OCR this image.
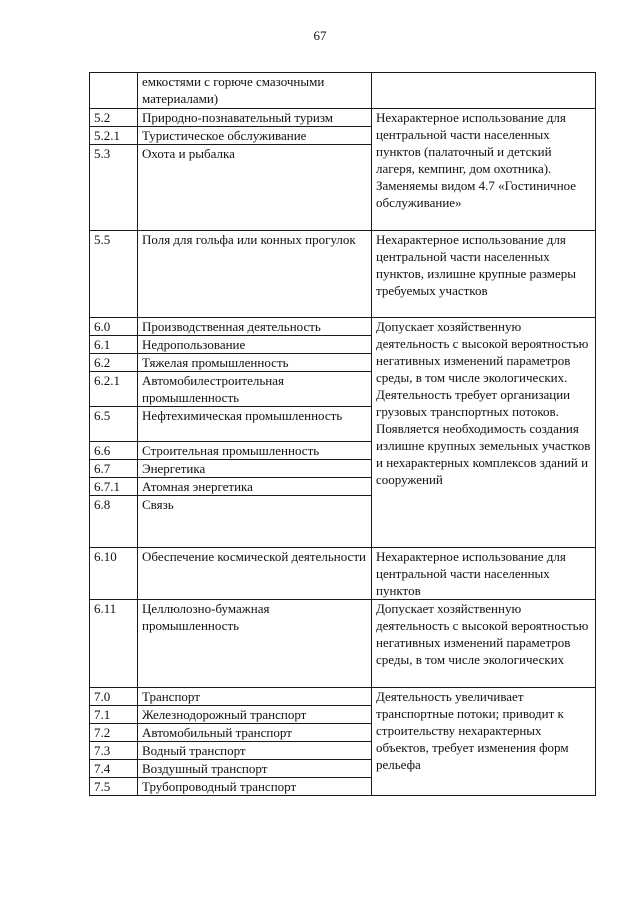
67
	емкостями с горюче смазочными материалами)	
5.2	Природно-познавательный туризм	Нехарактерное использование для центральной части населенных пунктов (палаточный и детский лагеря, кемпинг, дом охотника). Заменяемы видом 4.7 «Гостиничное обслуживание»
5.2.1	Туристическое обслуживание	
5.3	Охота и рыбалка	
5.5	Поля для гольфа или конных прогулок	Нехарактерное использование для центральной части населенных пунктов, излишне крупные размеры требуемых участков
6.0	Производственная деятельность	Допускает хозяйственную деятельность с высокой вероятностью негативных изменений параметров среды, в том числе экологических. Деятельность требует организации грузовых транспортных потоков. Появляется необходимость создания излишне крупных земельных участков и нехарактерных комплексов зданий и сооружений
6.1	Недропользование	
6.2	Тяжелая промышленность	
6.2.1	Автомобилестроительная промышленность	
6.5	Нефтехимическая промышленность	
6.6	Строительная промышленность	
6.7	Энергетика	
6.7.1	Атомная энергетика	
6.8	Связь	
6.10	Обеспечение космической деятельности	Нехарактерное использование для центральной части населенных пунктов
6.11	Целлюлозно-бумажная промышленность	Допускает хозяйственную деятельность с высокой вероятностью негативных изменений параметров среды, в том числе экологических
7.0	Транспорт	Деятельность увеличивает транспортные потоки; приводит к строительству нехарактерных объектов, требует изменения форм рельефа
7.1	Железнодорожный транспорт	
7.2	Автомобильный транспорт	
7.3	Водный транспорт	
7.4	Воздушный транспорт	
7.5	Трубопроводный транспорт	
